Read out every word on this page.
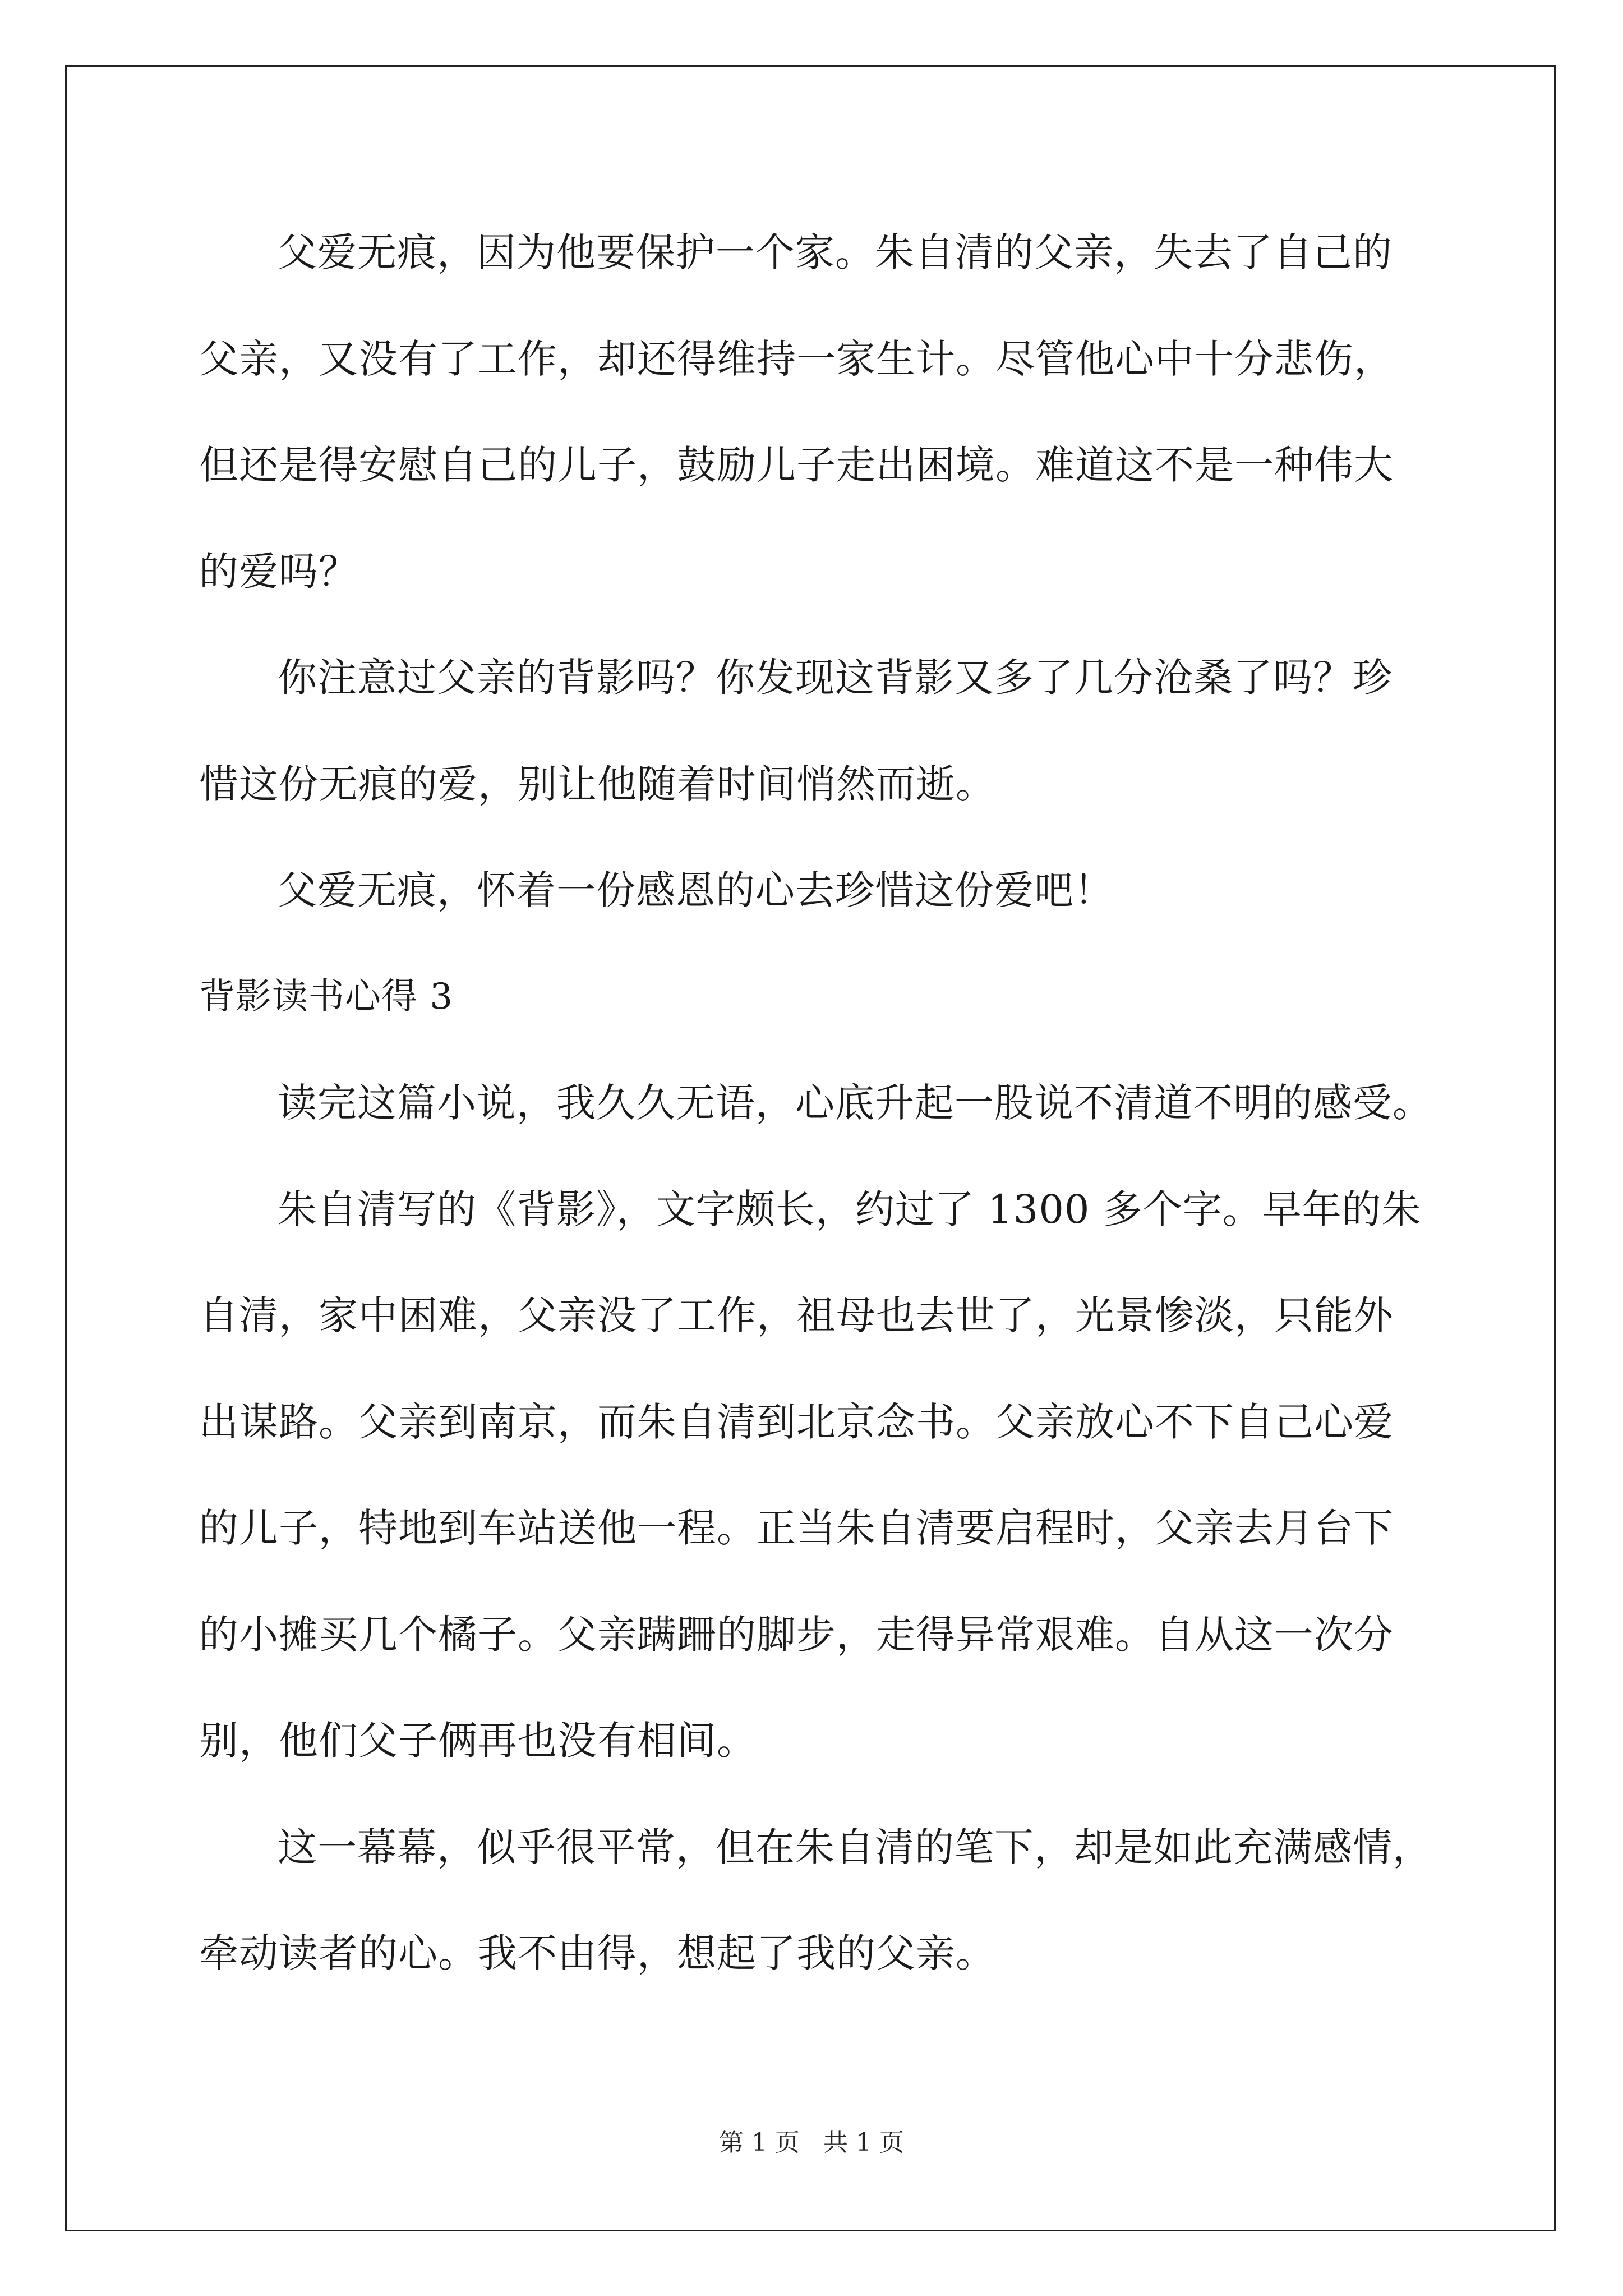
父爱无痕，因为他要保护一个家。朱自清的父亲，失去了自己的
父亲，又没有了工作，却还得维持一家生计。尽管他心中十分悲伤，
但还是得安慰自己的儿子，鼓励儿子走出困境。难道这不是一种伟大
的爱吗？
你注意过父亲的背影吗？你发现这背影又多了几分沧桑了吗？珍
惜这份无痕的爱，别让他随着时间悄然而逝。
父爱无痕，怀着一份感恩的心去珍惜这份爱吧！
背影读书心得 3
读完这篇小说，我久久无语，心底升起一股说不清道不明的感受。
朱自清写的《背影》，文字颇长，约过了 1300 多个字。早年的朱
自清，家中困难，父亲没了工作，祖母也去世了，光景惨淡，只能外
出谋路。父亲到南京，而朱自清到北京念书。父亲放心不下自己心爱
的儿子，特地到车站送他一程。正当朱自清要启程时，父亲去月台下
的小摊买几个橘子。父亲蹒跚的脚步，走得异常艰难。自从这一次分
别，他们父子俩再也没有相间。
这一幕幕，似乎很平常，但在朱自清的笔下，却是如此充满感情，
牵动读者的心。我不由得，想起了我的父亲。
第 1 页   共 1 页
